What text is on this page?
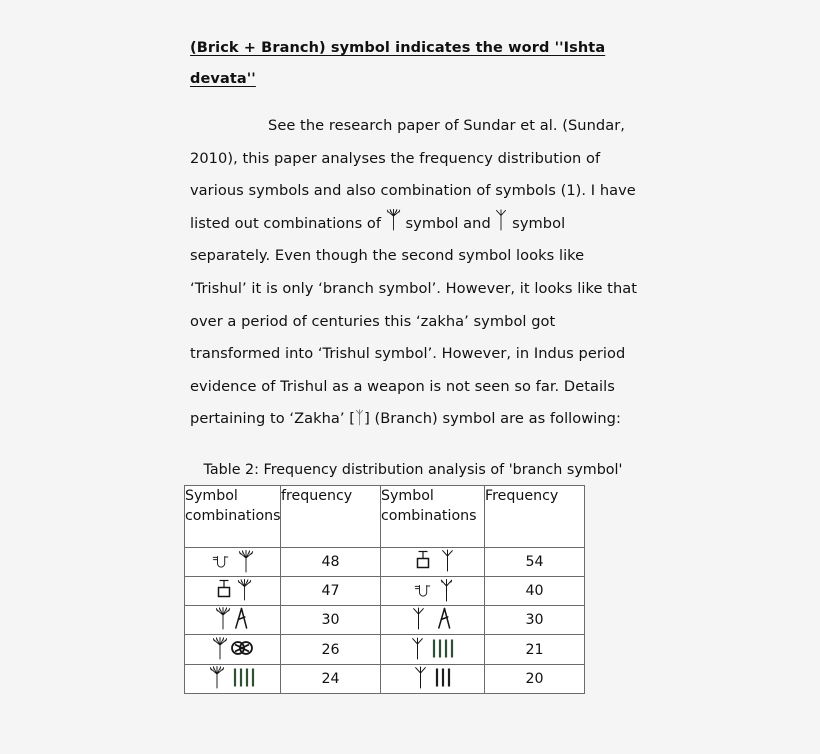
(Brick + Branch) symbol indicates the word ''Ishta
devata''

See the research paper of Sundar et al. (Sundar, 2010), this paper analyses the frequency distribution of various symbols and also combination of symbols (1). I have listed out combinations of
symbol and
symbol separately. Even though the second symbol looks like ‘Trishul’ it is only ‘branch symbol’. However, it looks like that over a period of centuries this ‘zakha’ symbol got transformed into ‘Trishul symbol’. However, in Indus period evidence of Trishul as a weapon is not seen so far. Details pertaining to ‘Zakha’ [ ] (Branch) symbol are as following:

Table 2: Frequency distribution analysis of 'branch symbol'
Symbol combinations	frequency	Symbol combinations	Frequency

	48		54

	47		40

	30		30

	26		21

	24		20
